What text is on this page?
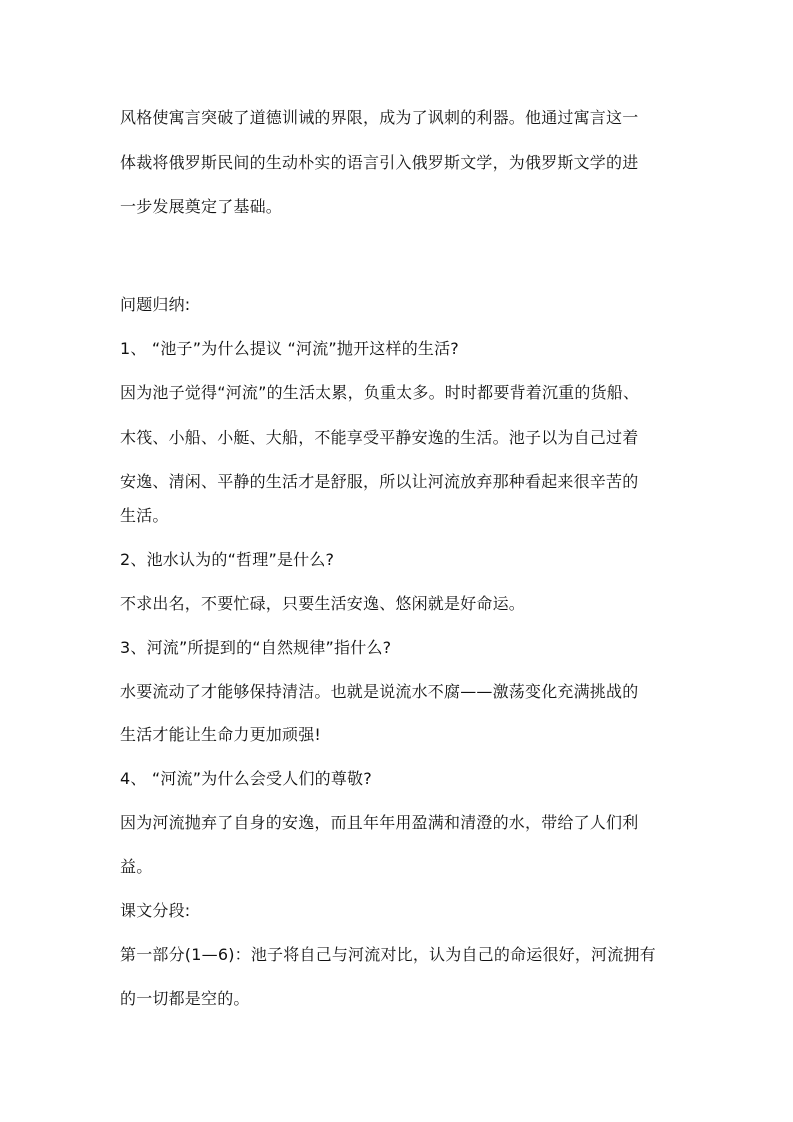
风格使寓言突破了道德训诫的界限，成为了讽刺的利器。他通过寓言这一
体裁将俄罗斯民间的生动朴实的语言引入俄罗斯文学，为俄罗斯文学的进
一步发展奠定了基础。
问题归纳:
1、 “池子”为什么提议 “河流”抛开这样的生活?
因为池子觉得“河流”的生活太累，负重太多。时时都要背着沉重的货船、
木筏、小船、小艇、大船，不能享受平静安逸的生活。池子以为自己过着
安逸、清闲、平静的生活才是舒服，所以让河流放弃那种看起来很辛苦的
生活。
2、池水认为的“哲理”是什么?
不求出名，不要忙碌，只要生活安逸、悠闲就是好命运。
3、河流”所提到的“自然规律”指什么?
水要流动了才能够保持清洁。也就是说流水不腐——激荡变化充满挑战的
生活才能让生命力更加顽强!
4、 “河流”为什么会受人们的尊敬?
因为河流抛弃了自身的安逸，而且年年用盈满和清澄的水，带给了人们利
益。
课文分段:
第一部分(1—6)：池子将自己与河流对比，认为自己的命运很好，河流拥有
的一切都是空的。
